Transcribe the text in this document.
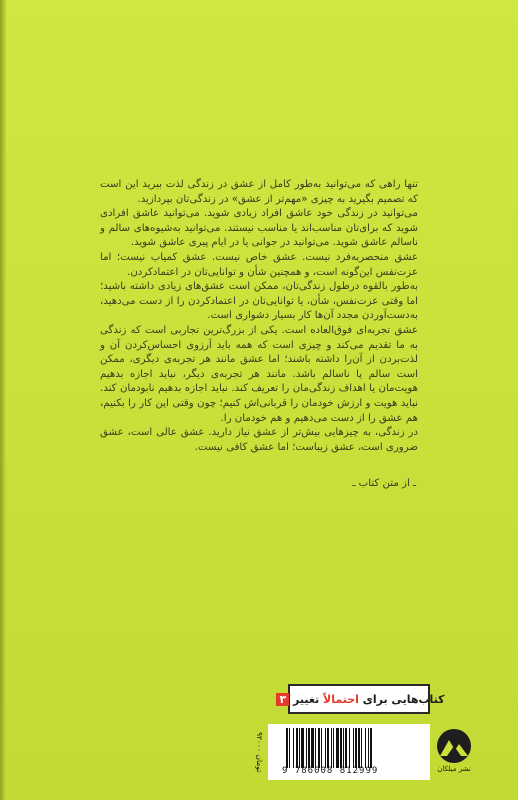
تنها راهی که می‌توانید به‌طور کامل از عشق در زندگی لذت ببرید این است که تصمیم بگیرید به چیزی «مهم‌تر از عشق» در زندگی‌تان بپردازید.

می‌توانید در زندگی خود عاشق افراد زیادی شوید. می‌توانید عاشق افرادی شوید که برای‌تان مناسب‌اند یا مناسب نیستند. می‌توانید به‌شیوه‌های سالم و ناسالم عاشق شوید. می‌توانید در جوانی یا در ایام پیری عاشق شوید.

عشق منحصربه‌فرد نیست. عشق خاص نیست. عشق کمیاب نیست؛ اما عزت‌نفس این‌گونه است، و همچنین شأن و توانایی‌تان در اعتمادکردن.

به‌طور بالقوه درطول زندگی‌تان، ممکن است عشق‌های زیادی داشته باشید؛ اما وقتی عزت‌نفس، شأن، یا توانایی‌تان در اعتمادکردن را از دست می‌دهید، به‌دست‌آوردن مجدد آن‌ها کار بسیار دشواری است.

عشق تجربه‌ای فوق‌العاده است. یکی از بزرگ‌ترین تجاربی است که زندگی به ما تقدیم می‌کند و چیزی است که همه باید آرزوی احساس‌کردن آن و لذت‌بردن از آن‌را داشته باشند؛ اما عشق مانند هر تجربه‌ی دیگری، ممکن است سالم یا ناسالم باشد. مانند هر تجربه‌ی دیگر، نباید اجازه بدهیم هویت‌مان یا اهداف زندگی‌مان را تعریف کند. نباید اجازه بدهیم نابودمان کند. نباید هویت و ارزش خودمان را قربانی‌اش کنیم؛ چون وقتی این کار را بکنیم، هم عشق را از دست می‌دهیم و هم خودمان را.

در زندگی، به چیزهایی بیش‌تر از عشق نیاز دارید. عشق عالی است، عشق ضروری است، عشق زیباست؛ اما عشق کافی نیست.

ـ از متن کتاب ـ
کتاب‌هایی برای

احتمالاً

تغییر

۳
9 786008 812999
۹۲۰۰۰ تومان	نشر میلکان
